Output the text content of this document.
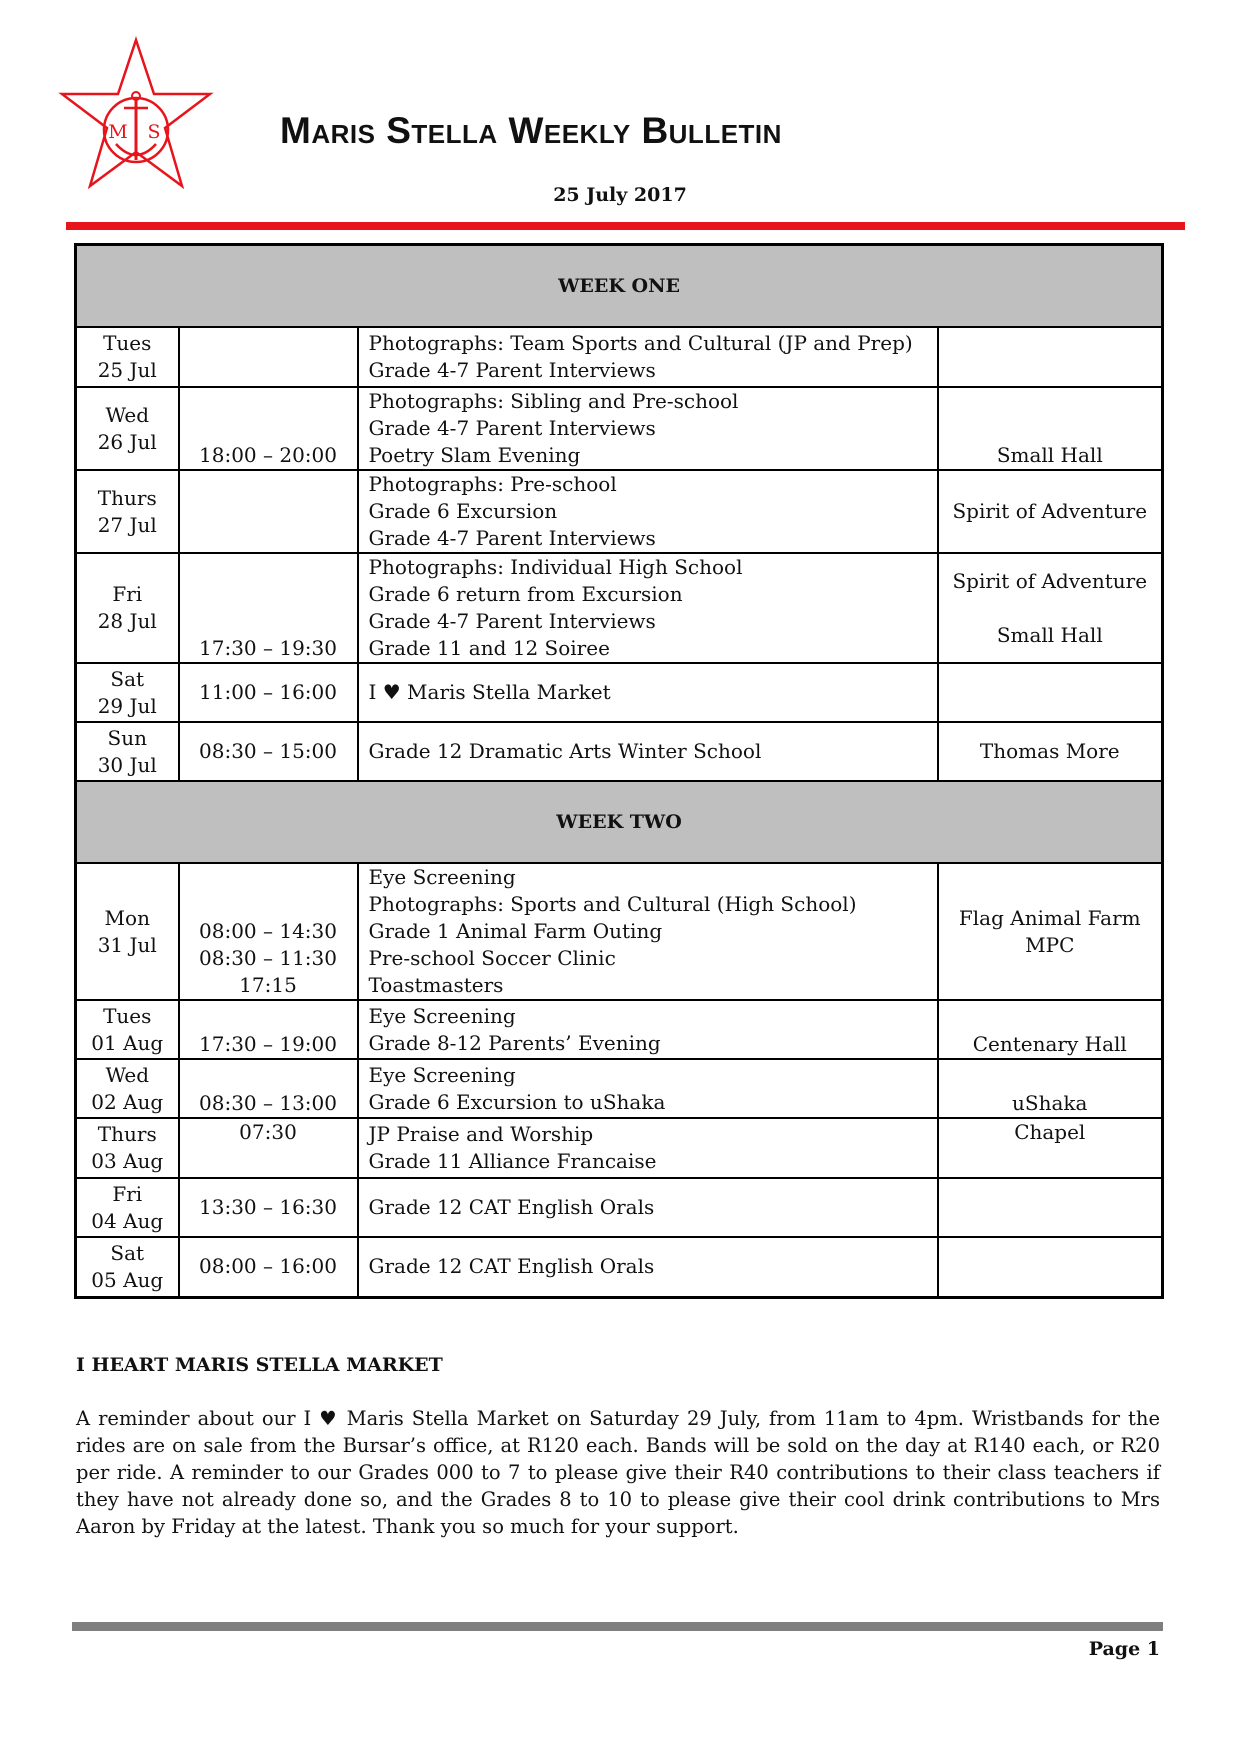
M S	Maris Stella Weekly Bulletin
25 July 2017
WEEK ONE			

Tues
25 Jul		Photographs: Team Sports and Cultural (JP and Prep)
Grade 4-7 Parent Interviews	

Wed
26 Jul	18:00 – 20:00	Photographs: Sibling and Pre-school
Grade 4-7 Parent Interviews
Poetry Slam Evening	Small Hall

Thurs
27 Jul		Photographs: Pre-school
Grade 6 Excursion
Grade 4-7 Parent Interviews	Spirit of Adventure

Fri
28 Jul	17:30 – 19:30	Photographs: Individual High School
Grade 6 return from Excursion
Grade 4-7 Parent Interviews
Grade 11 and 12 Soiree	Spirit of Adventure
Small Hall

Sat
29 Jul	11:00 – 16:00	I ♥ Maris Stella Market	

Sun
30 Jul	08:30 – 15:00	Grade 12 Dramatic Arts Winter School	Thomas More

WEEK TWO			

Mon
31 Jul	08:00 – 14:30
08:30 – 11:30
17:15	Eye Screening
Photographs: Sports and Cultural (High School)
Grade 1 Animal Farm Outing
Pre-school Soccer Clinic
Toastmasters	Flag Animal Farm
MPC

Tues
01 Aug	17:30 – 19:00	Eye Screening
Grade 8-12 Parents’ Evening	Centenary Hall

Wed
02 Aug	08:30 – 13:00	Eye Screening
Grade 6 Excursion to uShaka	uShaka

Thurs
03 Aug	07:30	JP Praise and Worship
Grade 11 Alliance Francaise	Chapel

Fri
04 Aug	13:30 – 16:30	Grade 12 CAT English Orals	

Sat
05 Aug	08:00 – 16:00	Grade 12 CAT English Orals	

I HEART MARIS STELLA MARKET

A reminder about our I ♥ Maris Stella Market on Saturday 29 July, from 11am to 4pm. Wristbands for the rides are on sale from the Bursar’s office, at R120 each. Bands will be sold on the day at R140 each, or R20 per ride. A reminder to our Grades 000 to 7 to please give their R40 contributions to their class teachers if they have not already done so, and the Grades 8 to 10 to please give their cool drink contributions to Mrs Aaron by Friday at the latest. Thank you so much for your support.

Page 1
